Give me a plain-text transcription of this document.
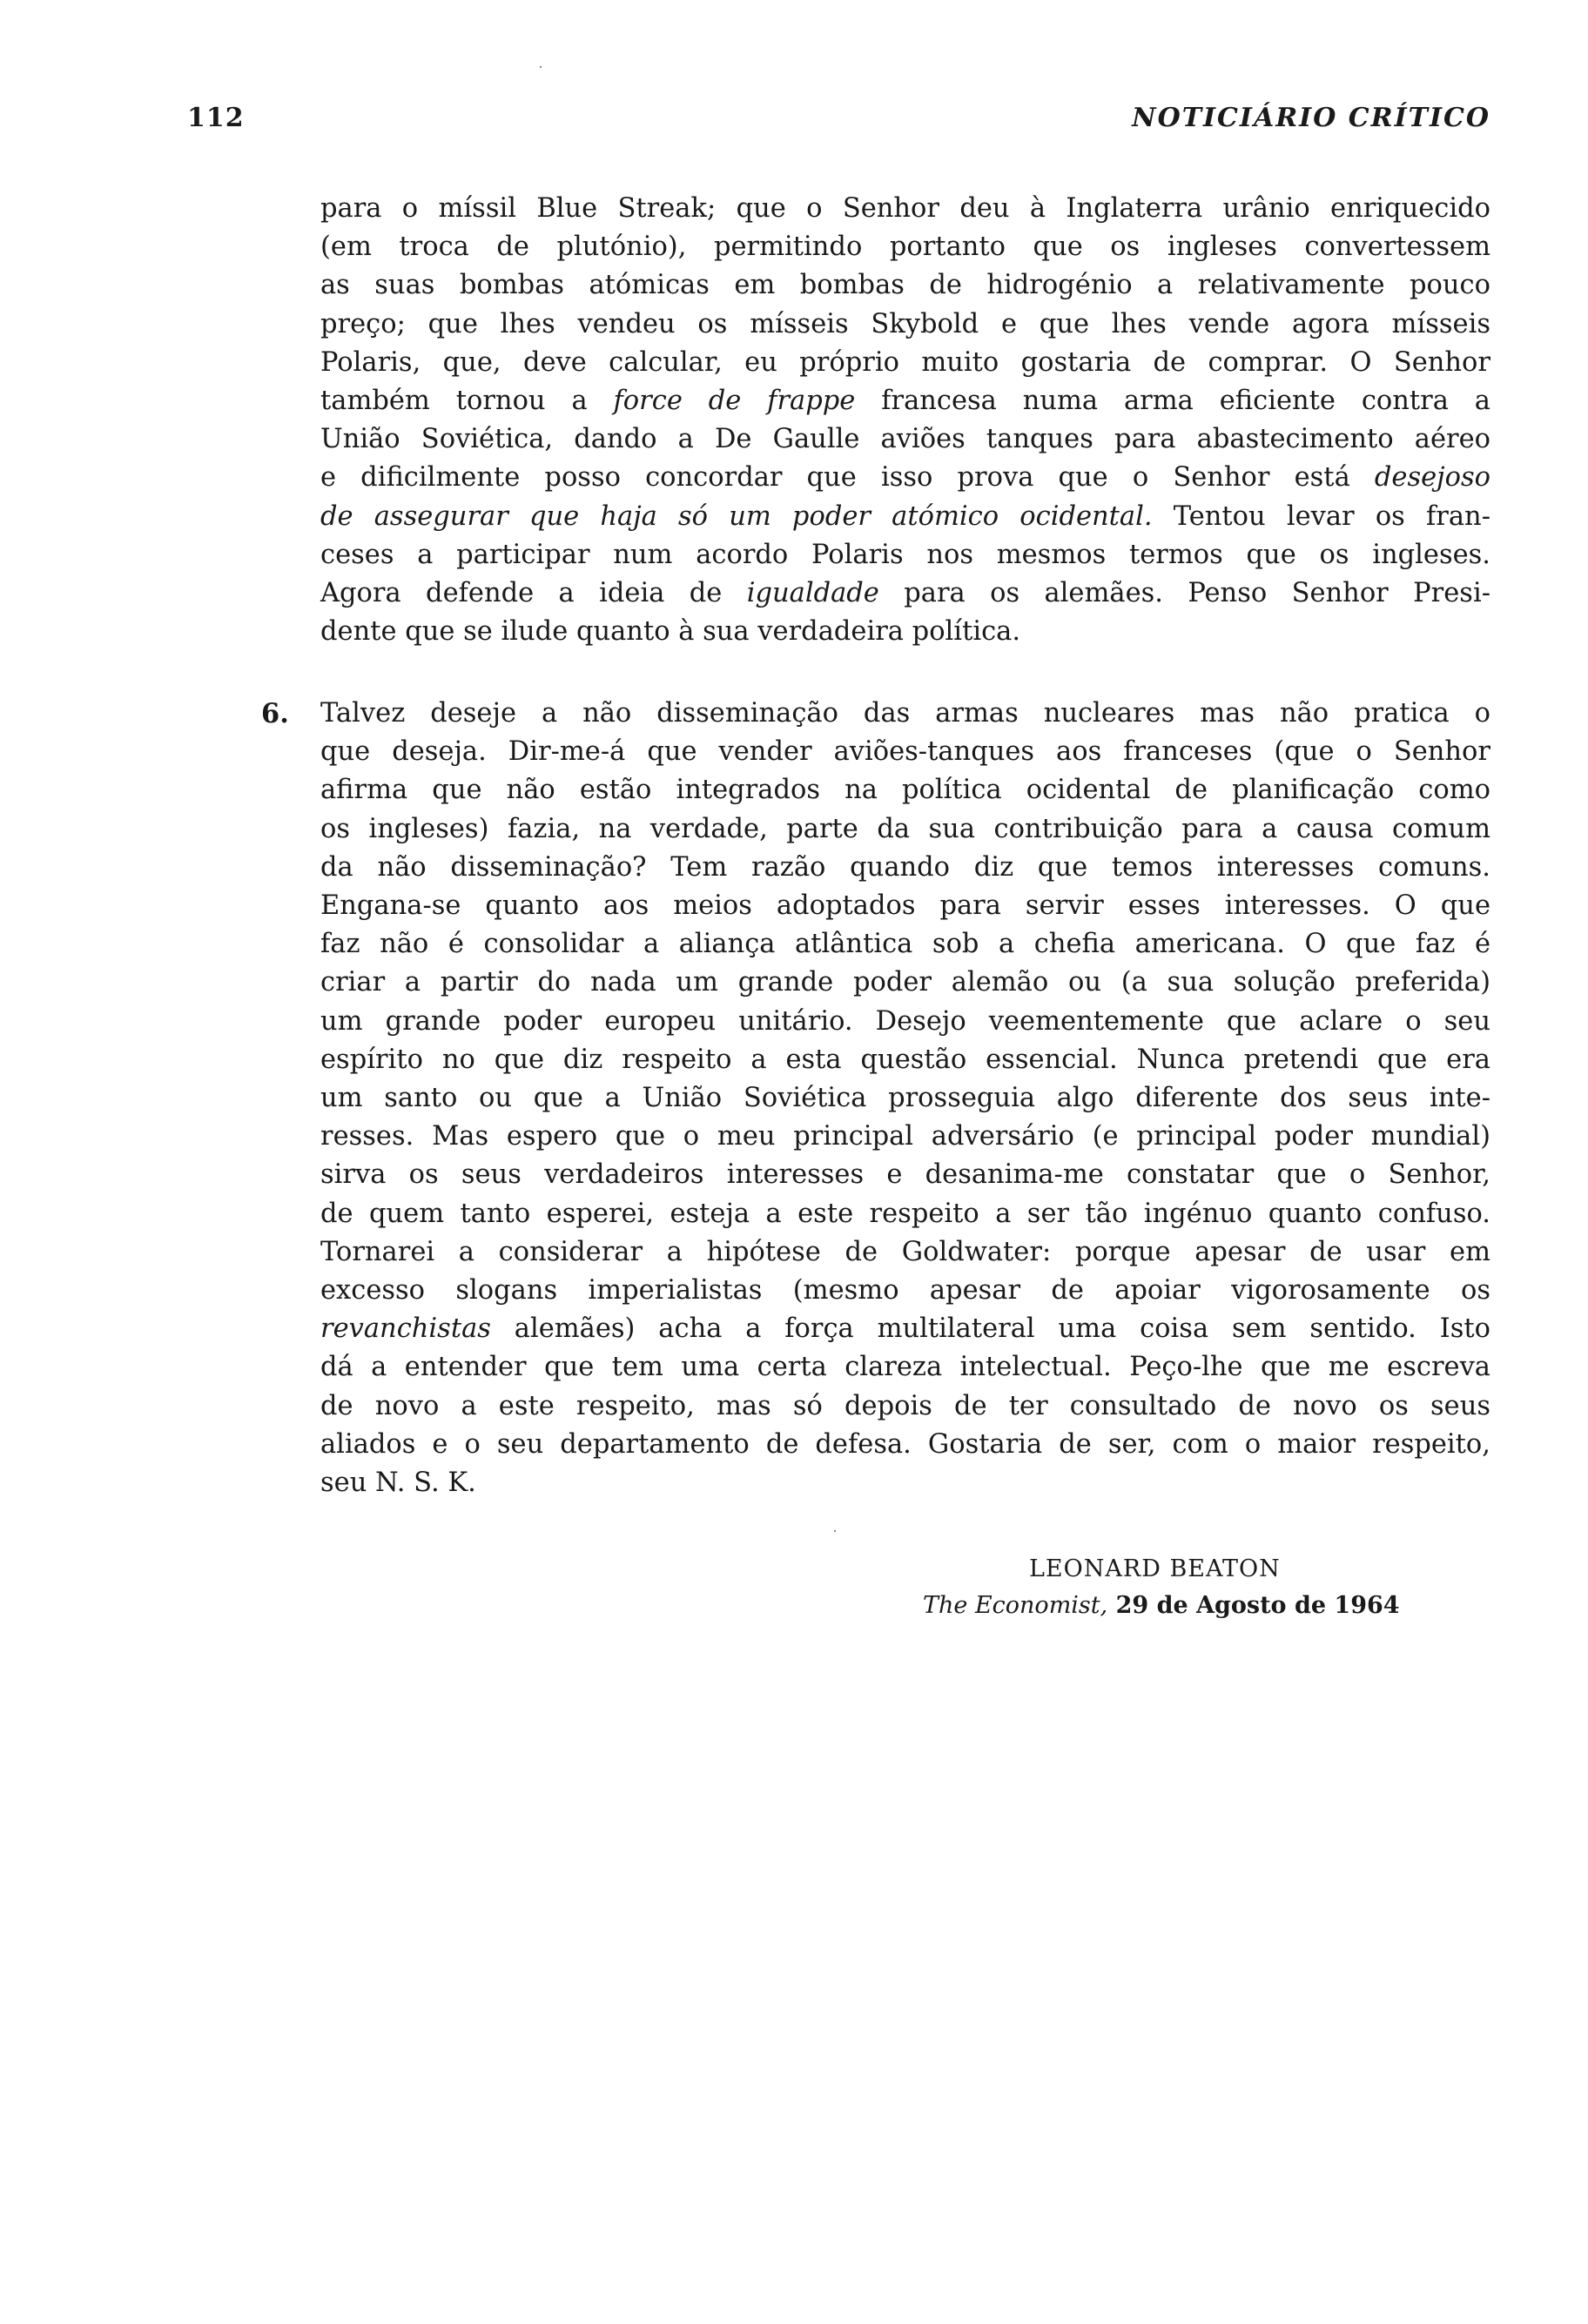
112	NOTICIÁRIO CRÍTICO
para o míssil Blue Streak; que o Senhor deu à Inglaterra urânio enriquecido
(em troca de plutónio), permitindo portanto que os ingleses convertessem
as suas bombas atómicas em bombas de hidrogénio a relativamente pouco
preço; que lhes vendeu os mísseis Skybold e que lhes vende agora mísseis
Polaris, que, deve calcular, eu próprio muito gostaria de comprar. O Senhor
também tornou a force de frappe francesa numa arma eficiente contra a
União Soviética, dando a De Gaulle aviões tanques para abastecimento aéreo
e dificilmente posso concordar que isso prova que o Senhor está desejoso
de assegurar que haja só um poder atómico ocidental. Tentou levar os fran-
ceses a participar num acordo Polaris nos mesmos termos que os ingleses.
Agora defende a ideia de igualdade para os alemães. Penso Senhor Presi-
dente que se ilude quanto à sua verdadeira política.
6. Talvez deseje a não disseminação das armas nucleares mas não pratica o
que deseja. Dir-me-á que vender aviões-tanques aos franceses (que o Senhor
afirma que não estão integrados na política ocidental de planificação como
os ingleses) fazia, na verdade, parte da sua contribuição para a causa comum
da não disseminação? Tem razão quando diz que temos interesses comuns.
Engana-se quanto aos meios adoptados para servir esses interesses. O que
faz não é consolidar a aliança atlântica sob a chefia americana. O que faz é
criar a partir do nada um grande poder alemão ou (a sua solução preferida)
um grande poder europeu unitário. Desejo veementemente que aclare o seu
espírito no que diz respeito a esta questão essencial. Nunca pretendi que era
um santo ou que a União Soviética prosseguia algo diferente dos seus inte-
resses. Mas espero que o meu principal adversário (e principal poder mundial)
sirva os seus verdadeiros interesses e desanima-me constatar que o Senhor,
de quem tanto esperei, esteja a este respeito a ser tão ingénuo quanto confuso.
Tornarei a considerar a hipótese de Goldwater: porque apesar de usar em
excesso slogans imperialistas (mesmo apesar de apoiar vigorosamente os
revanchistas alemães) acha a força multilateral uma coisa sem sentido. Isto
dá a entender que tem uma certa clareza intelectual. Peço-lhe que me escreva
de novo a este respeito, mas só depois de ter consultado de novo os seus
aliados e o seu departamento de defesa. Gostaria de ser, com o maior respeito,
seu N. S. K.
LEONARD BEATON
The Economist, 29 de Agosto de 1964
